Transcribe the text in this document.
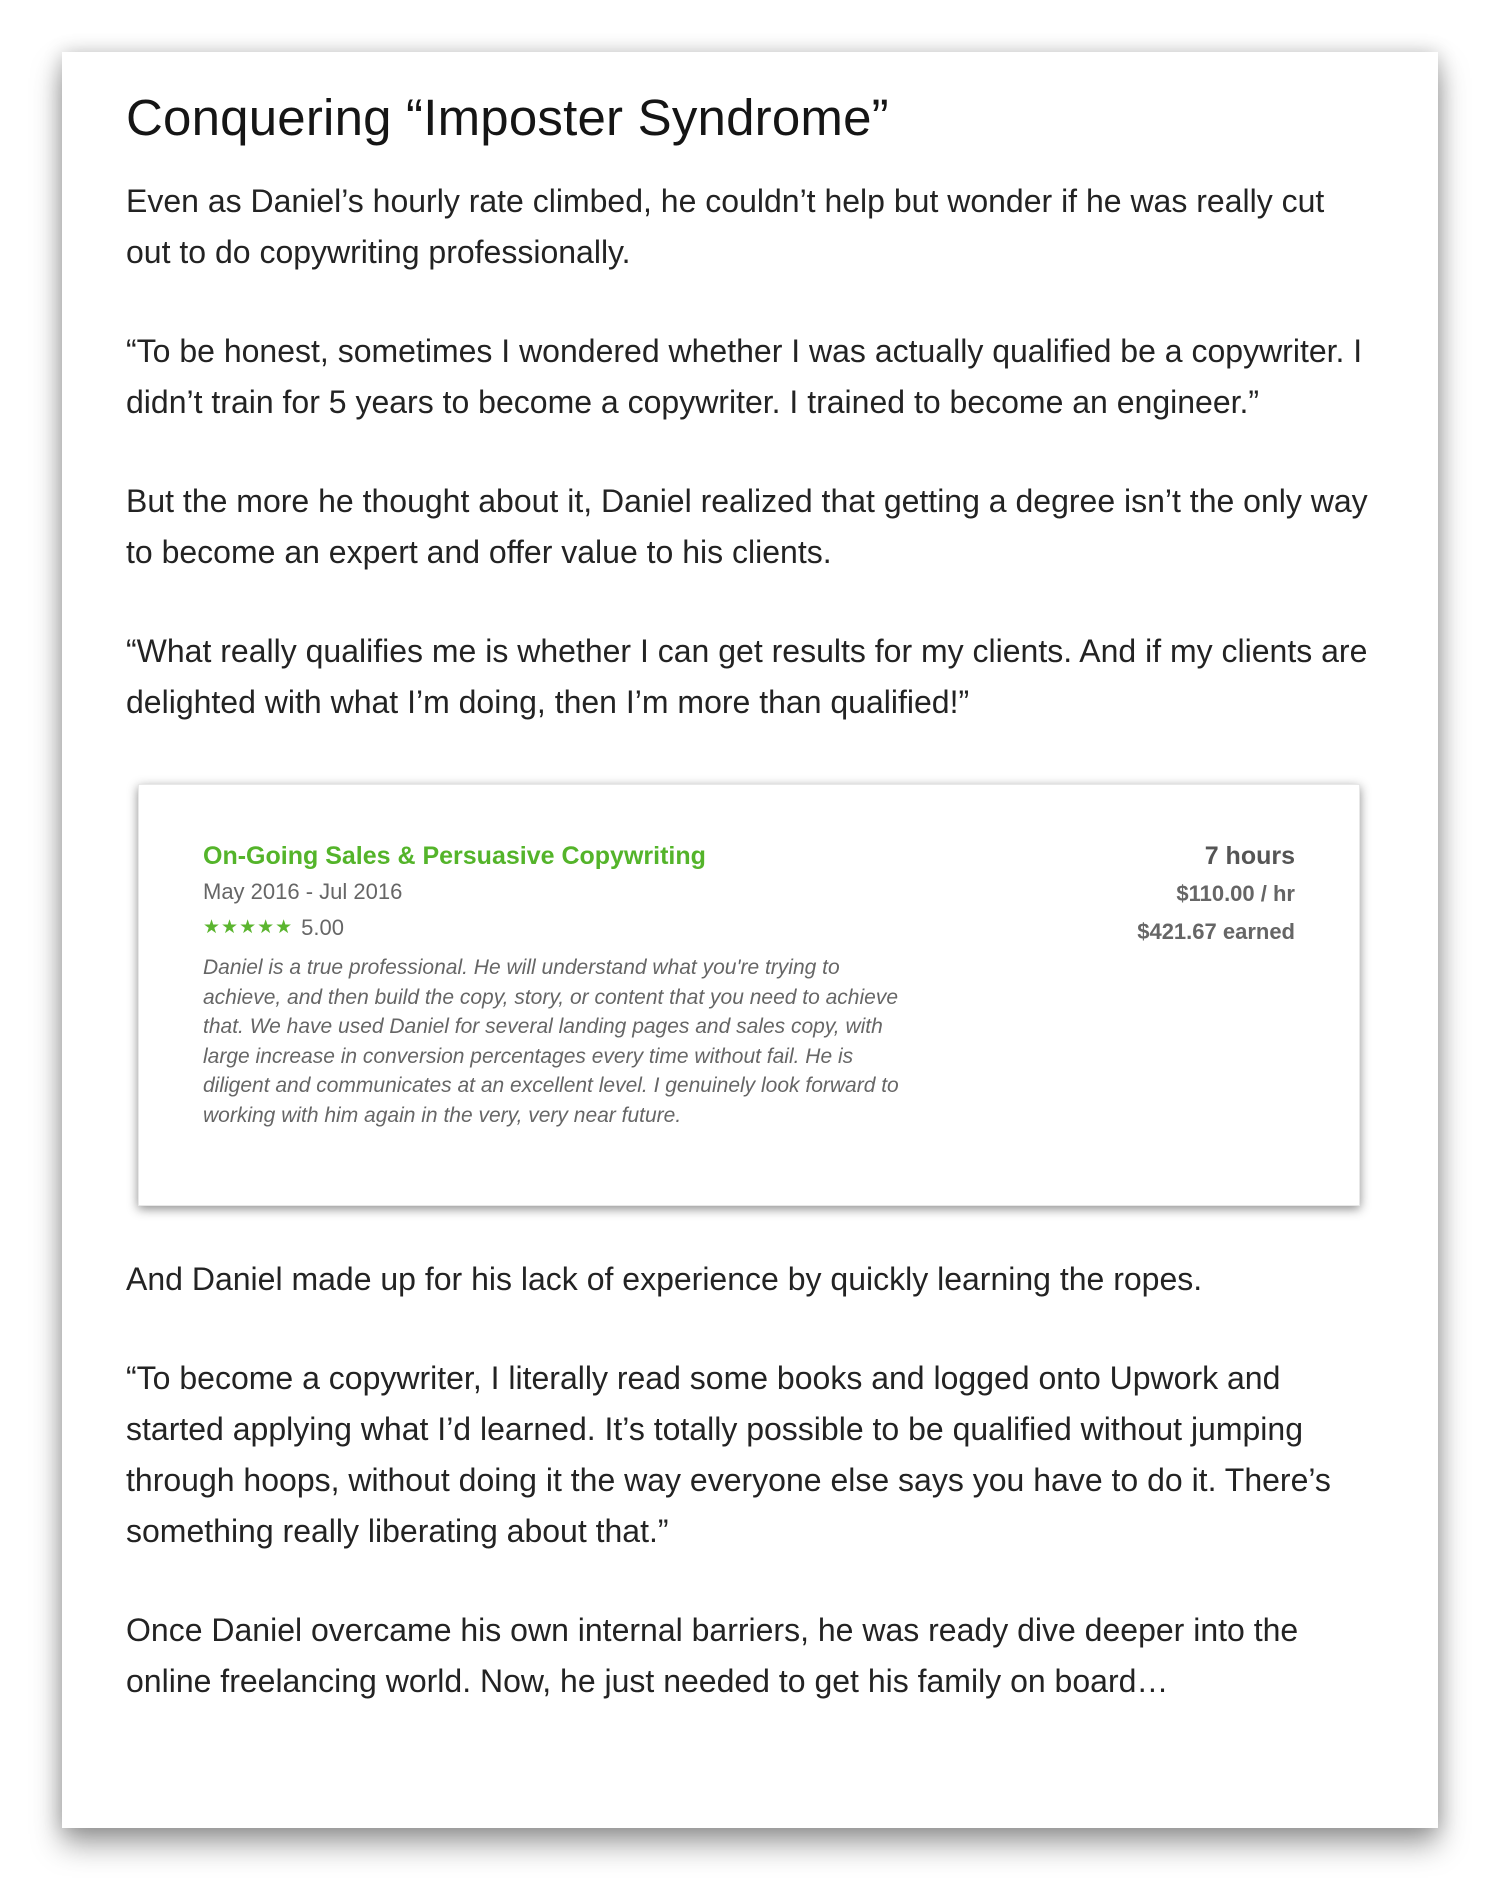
Conquering “Imposter Syndrome”

Even as Daniel’s hourly rate climbed, he couldn’t help but wonder if he was really cut out to do copywriting professionally.

“To be honest, sometimes I wondered whether I was actually qualified be a copywriter. I didn’t train for 5 years to become a copywriter. I trained to become an engineer.”

But the more he thought about it, Daniel realized that getting a degree isn’t the only way to become an expert and offer value to his clients.

“What really qualifies me is whether I can get results for my clients. And if my clients are delighted with what I’m doing, then I’m more than qualified!”

On-Going Sales & Persuasive Copywriting
May 2016 - Jul 2016
★★★★★ 5.00
Daniel is a true professional. He will understand what you're trying to achieve, and then build the copy, story, or content that you need to achieve that. We have used Daniel for several landing pages and sales copy, with large increase in conversion percentages every time without fail. He is diligent and communicates at an excellent level. I genuinely look forward to working with him again in the very, very near future.
7 hours
$110.00 / hr
$421.67 earned

And Daniel made up for his lack of experience by quickly learning the ropes.

“To become a copywriter, I literally read some books and logged onto Upwork and started applying what I’d learned. It’s totally possible to be qualified without jumping through hoops, without doing it the way everyone else says you have to do it. There’s something really liberating about that.”

Once Daniel overcame his own internal barriers, he was ready dive deeper into the online freelancing world. Now, he just needed to get his family on board…
